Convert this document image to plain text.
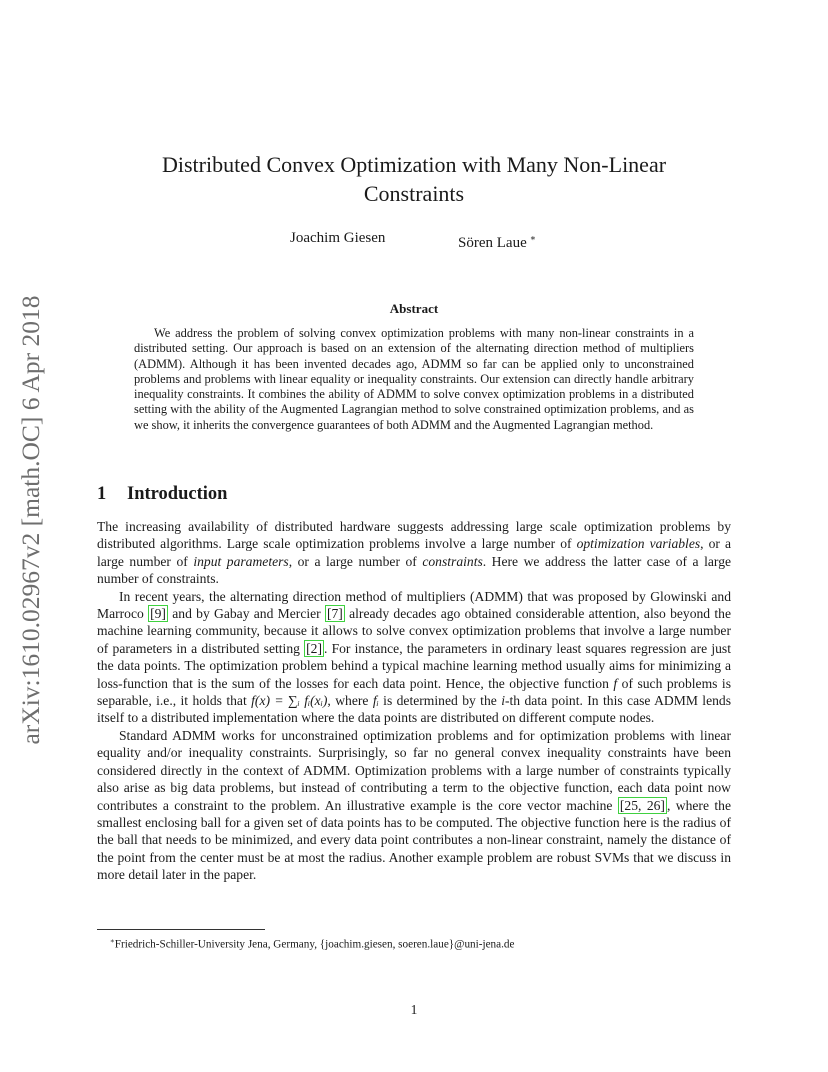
arXiv:1610.02967v2 [math.OC] 6 Apr 2018
Distributed Convex Optimization with Many Non-Linear
Constraints
Joachim Giesen	Sören Laue ∗
Abstract
We address the problem of solving convex optimization problems with many non-linear constraints in a distributed setting. Our approach is based on an extension of the alternating direction method of multipliers (ADMM). Although it has been invented decades ago, ADMM so far can be applied only to unconstrained problems and problems with linear equality or inequality constraints. Our extension can directly handle arbitrary inequality constraints. It combines the ability of ADMM to solve convex optimization problems in a distributed setting with the ability of the Augmented Lagrangian method to solve constrained optimization problems, and as we show, it inherits the convergence guarantees of both ADMM and the Augmented Lagrangian method.
1 Introduction

The increasing availability of distributed hardware suggests addressing large scale optimization problems by distributed algorithms. Large scale optimization problems involve a large number of optimization variables, or a large number of input parameters, or a large number of constraints. Here we address the latter case of a large number of constraints.

In recent years, the alternating direction method of multipliers (ADMM) that was proposed by Glowinski and Marroco [9] and by Gabay and Mercier [7] already decades ago obtained considerable attention, also beyond the machine learning community, because it allows to solve convex optimization problems that involve a large number of parameters in a distributed setting [2] . For instance, the parameters in ordinary least squares regression are just the data points. The optimization problem behind a typical machine learning method usually aims for minimizing a loss-function that is the sum of the losses for each data point. Hence, the objective function f of such problems is separable, i.e., it holds that f(x) = ∑ᵢ fᵢ(xᵢ), where fᵢ is determined by the i-th data point. In this case ADMM lends itself to a distributed implementation where the data points are distributed on different compute nodes.

Standard ADMM works for unconstrained optimization problems and for optimization problems with linear equality and/or inequality constraints. Surprisingly, so far no general convex inequality constraints have been considered directly in the context of ADMM. Optimization problems with a large number of constraints typically also arise as big data problems, but instead of contributing a term to the objective function, each data point now contributes a constraint to the problem. An illustrative example is the core vector machine [25, 26] , where the smallest enclosing ball for a given set of data points has to be computed. The objective function here is the radius of the ball that needs to be minimized, and every data point contributes a non-linear constraint, namely the distance of the point from the center must be at most the radius. Another example problem are robust SVMs that we discuss in more detail later in the paper.

∗Friedrich-Schiller-University Jena, Germany, {joachim.giesen, soeren.laue}@uni-jena.de
1
